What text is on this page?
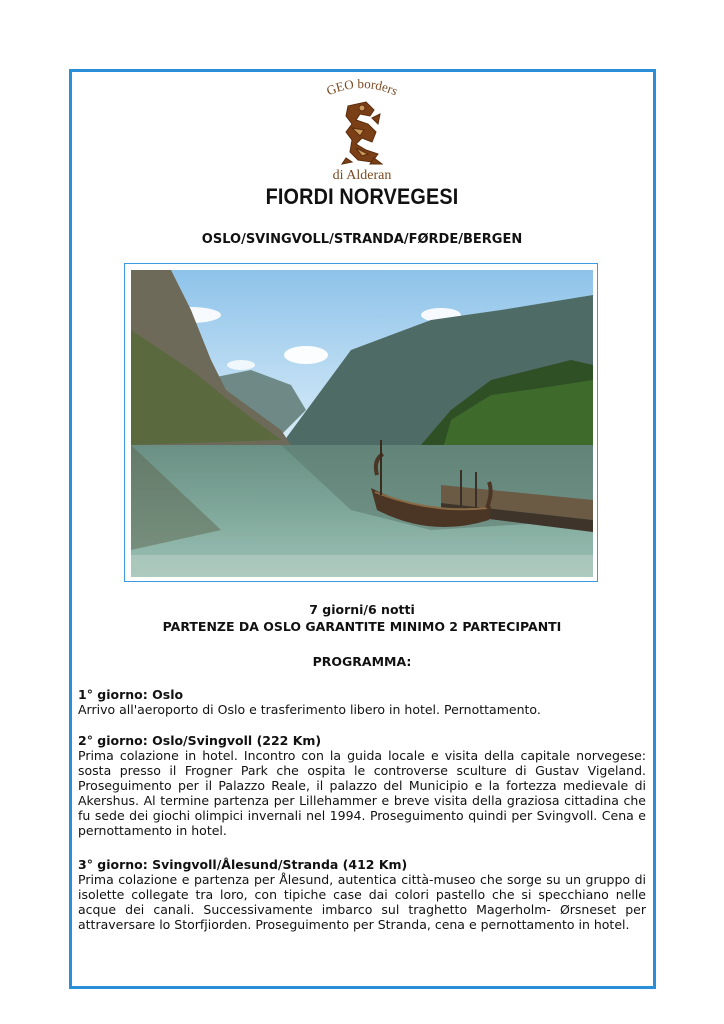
GEO borders
di Alderan
FIORDI NORVEGESI
OSLO/SVINGVOLL/STRANDA/FØRDE/BERGEN
7 giorni/6 notti
PARTENZE DA OSLO GARANTITE MINIMO 2 PARTECIPANTI
PROGRAMMA:
1° giorno: Oslo
Arrivo all'aeroporto di Oslo e trasferimento libero in hotel. Pernottamento.
2° giorno: Oslo/Svingvoll (222 Km)
Prima colazione in hotel. Incontro con la guida locale e visita della capitale norvegese: sosta presso il Frogner Park che ospita le controverse sculture di Gustav Vigeland. Proseguimento per il Palazzo Reale, il palazzo del Municipio e la fortezza medievale di Akershus. Al termine partenza per Lillehammer e breve visita della graziosa cittadina che fu sede dei giochi olimpici invernali nel 1994. Proseguimento quindi per Svingvoll. Cena e pernottamento in hotel.
3° giorno: Svingvoll/Ålesund/Stranda (412 Km)
Prima colazione e partenza per Ålesund, autentica città-museo che sorge su un gruppo di isolette collegate tra loro, con tipiche case dai colori pastello che si specchiano nelle acque dei canali. Successivamente imbarco sul traghetto Magerholm- Ørsneset per attraversare lo Storfjiorden. Proseguimento per Stranda, cena e pernottamento in hotel.
